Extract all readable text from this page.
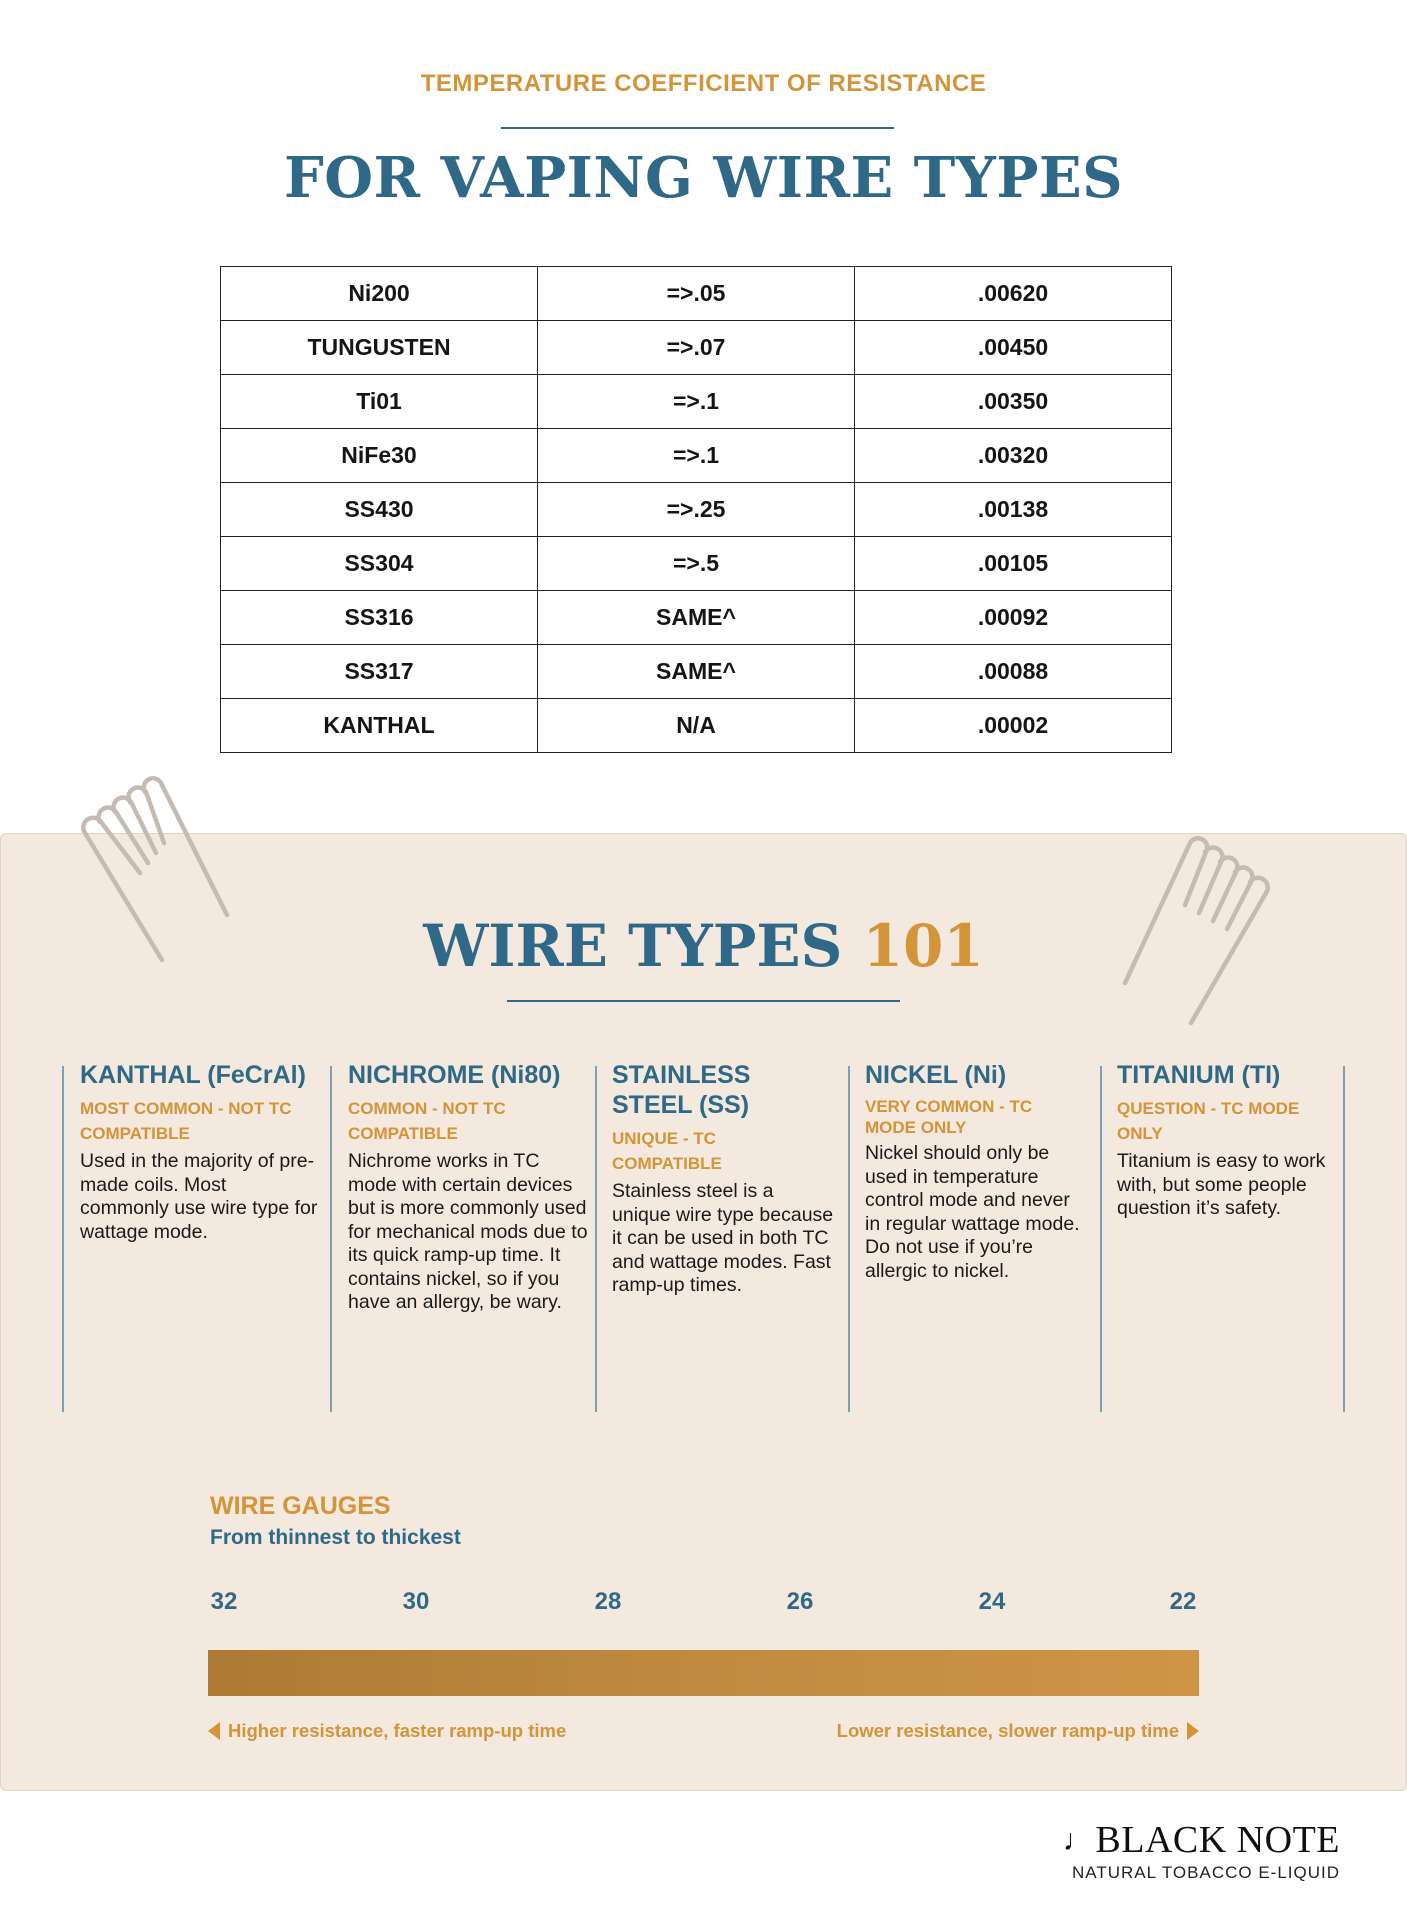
TEMPERATURE COEFFICIENT OF RESISTANCE
FOR VAPING WIRE TYPES
Ni200	=>.05	.00620
TUNGUSTEN	=>.07	.00450
Ti01	=>.1	.00350
NiFe30	=>.1	.00320
SS430	=>.25	.00138
SS304	=>.5	.00105
SS316	SAME^	.00092
SS317	SAME^	.00088
KANTHAL	N/A	.00002
WIRE TYPES 101
KANTHAL (FeCrAl)
MOST COMMON - NOT TC COMPATIBLE
Used in the majority of pre-made coils. Most commonly use wire type for wattage mode.
NICHROME (Ni80)
COMMON - NOT TC COMPATIBLE
Nichrome works in TC mode with certain devices but is more commonly used for mechanical mods due to its quick ramp-up time. It contains nickel, so if you have an allergy, be wary.
STAINLESS STEEL (SS)
UNIQUE - TC COMPATIBLE
Stainless steel is a unique wire type because it can be used in both TC and wattage modes. Fast ramp-up times.
NICKEL (Ni)
VERY COMMON - TC MODE ONLY
Nickel should only be used in temperature control mode and never in regular wattage mode. Do not use if you’re allergic to nickel.
TITANIUM (TI)
QUESTION - TC MODE ONLY
Titanium is easy to work with, but some people question it’s safety.
WIRE GAUGES
From thinnest to thickest
32	30	28	26	24	22
Higher resistance, faster ramp-up time	Lower resistance, slower ramp-up time
♩BLACK NOTE
NATURAL TOBACCO E-LIQUID
